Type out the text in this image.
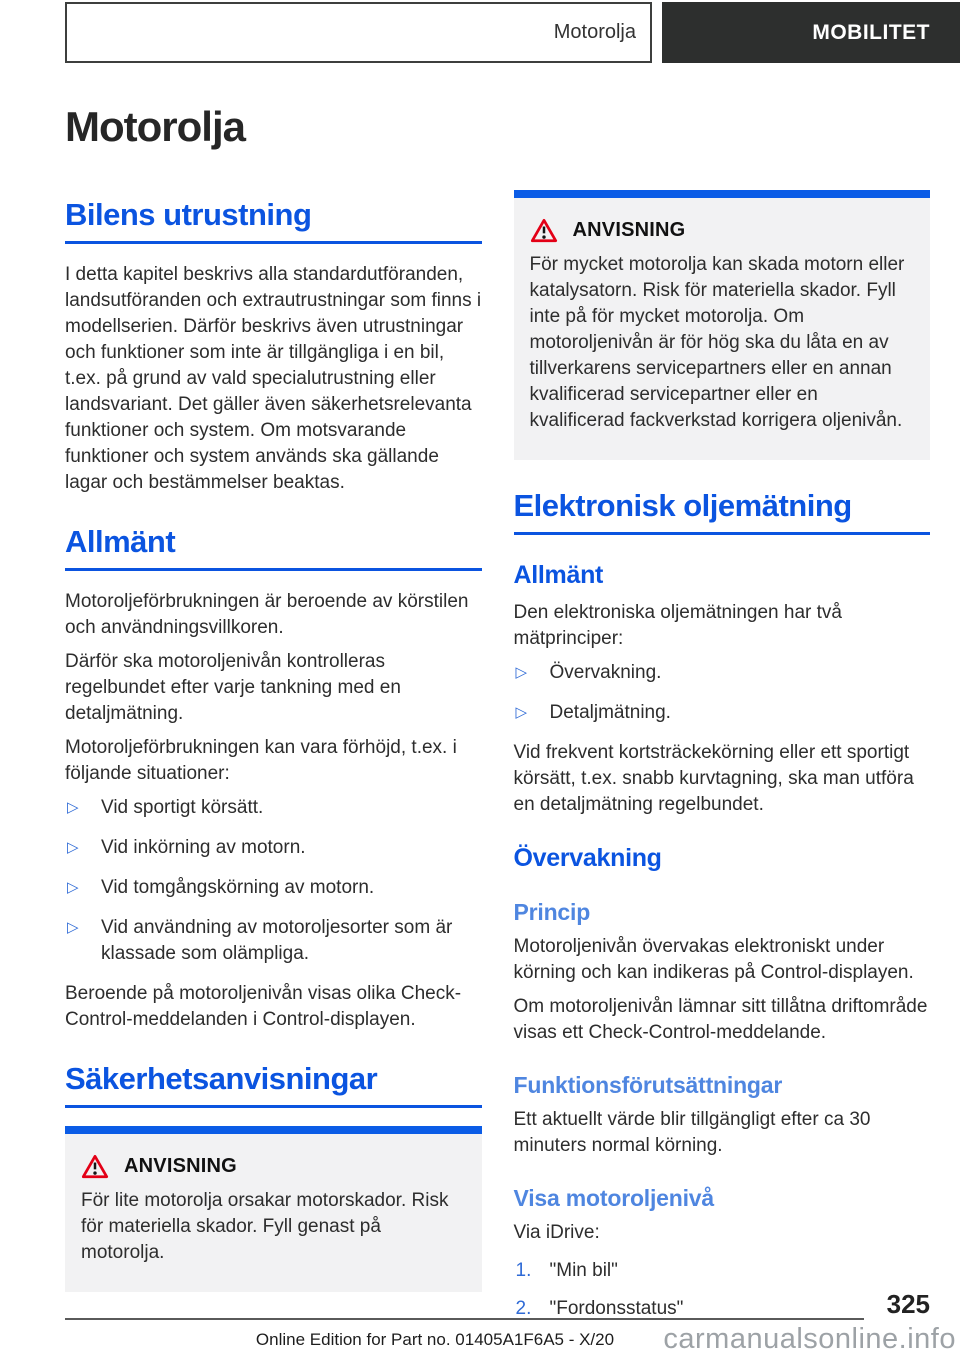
Motorolja	MOBILITET
Motorolja
Bilens utrustning

I detta kapitel beskrivs alla standardutföranden, landsutföranden och extrautrustningar som finns i modellserien. Därför beskrivs även utrustningar och funktioner som inte är tillgängliga i en bil, t.ex. på grund av vald specialutrustning eller landsvariant. Det gäller även säkerhetsrelevanta funktioner och system. Om motsvarande funktioner och system används ska gällande lagar och bestämmelser beaktas.

Allmänt

Motoroljeförbrukningen är beroende av körstilen och användningsvillkoren.

Därför ska motoroljenivån kontrolleras regelbundet efter varje tankning med en detaljmätning.

Motoroljeförbrukningen kan vara förhöjd, t.ex. i följande situationer:

▷ Vid sportigt körsätt.
▷ Vid inkörning av motorn.
▷ Vid tomgångskörning av motorn.
▷ Vid användning av motoroljesorter som är klassade som olämpliga.

Beroende på motoroljenivån visas olika Check-Control-meddelanden i Control-displayen.

Säkerhetsanvisningar
ANVISNING

För lite motorolja orsakar motorskador. Risk för materiella skador. Fyll genast på motorolja.

ANVISNING

För mycket motorolja kan skada motorn eller katalysatorn. Risk för materiella skador. Fyll inte på för mycket motorolja. Om motoroljenivån är för hög ska du låta en av tillverkarens servicepartners eller en annan kvalificerad servicepartner eller en kvalificerad fackverkstad korrigera oljenivån.

Elektronisk oljemätning
Allmänt

Den elektroniska oljemätningen har två mätprinciper:

▷ Övervakning.
▷ Detaljmätning.

Vid frekvent kortsträckekörning eller ett sportigt körsätt, t.ex. snabb kurvtagning, ska man utföra en detaljmätning regelbundet.

Övervakning
Princip

Motoroljenivån övervakas elektroniskt under körning och kan indikeras på Control-displayen.

Om motoroljenivån lämnar sitt tillåtna driftområde visas ett Check-Control-meddelande.

Funktionsförutsättningar

Ett aktuellt värde blir tillgängligt efter ca 30 minuters normal körning.

Visa motoroljenivå

Via iDrive:

1. "Min bil"
2. "Fordonsstatus"	325
Online Edition for Part no. 01405A1F6A5 - X/20	carmanualsonline.info
